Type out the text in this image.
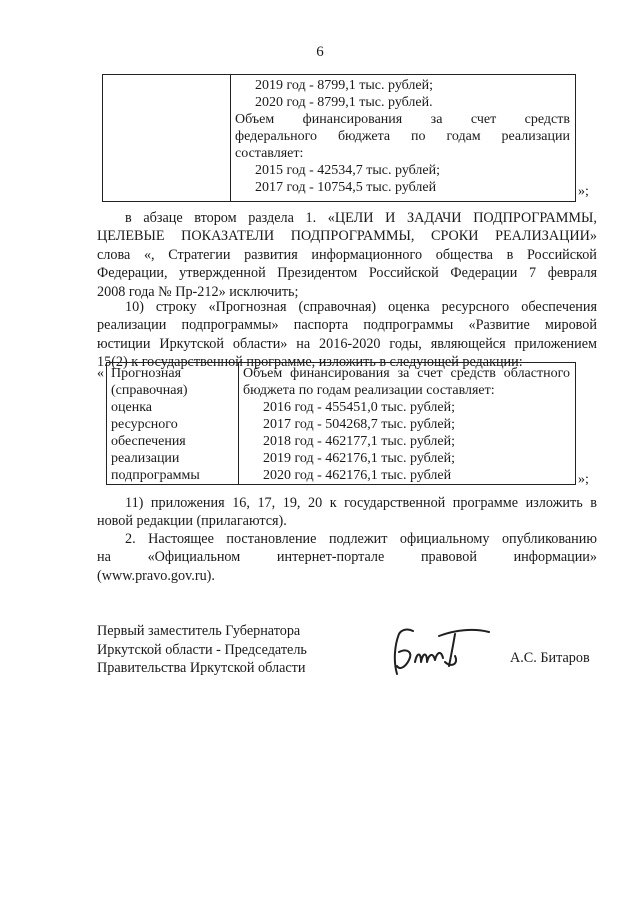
6

2019 год - 8799,1 тыс. рублей;
2020 год - 8799,1 тыс. рублей.
Объем финансирования за счет средств
федерального бюджета по годам реализации
составляет:
2015 год - 42534,7 тыс. рублей;
2017 год - 10754,5 тыс. рублей	»;
в абзаце втором раздела 1. «ЦЕЛИ И ЗАДАЧИ ПОДПРОГРАММЫ,
ЦЕЛЕВЫЕ ПОКАЗАТЕЛИ ПОДПРОГРАММЫ, СРОКИ РЕАЛИЗАЦИИ»
слова «, Стратегии развития информационного общества в Российской
Федерации, утвержденной Президентом Российской Федерации 7 февраля
2008 года № Пр-212» исключить;
10) строку «Прогнозная (справочная) оценка ресурсного обеспечения
реализации подпрограммы» паспорта подпрограммы «Развитие мировой
юстиции Иркутской области» на 2016-2020 годы, являющейся приложением
15(2) к государственной программе, изложить в следующей редакции:
« Прогнозная
(справочная)
оценка
ресурсного
обеспечения
реализации
подпрограммы

Объем финансирования за счет средств областного
бюджета по годам реализации составляет:
2016 год - 455451,0 тыс. рублей;
2017 год - 504268,7 тыс. рублей;
2018 год - 462177,1 тыс. рублей;
2019 год - 462176,1 тыс. рублей;
2020 год - 462176,1 тыс. рублей	»;
11) приложения 16, 17, 19, 20 к государственной программе изложить в
новой редакции (прилагаются).
2. Настоящее постановление подлежит официальному опубликованию
на	«Официальном	интернет-портале	правовой	информации»
(www.pravo.gov.ru).
Первый заместитель Губернатора
Иркутской области - Председатель
Правительства Иркутской области
А.С. Битаров
